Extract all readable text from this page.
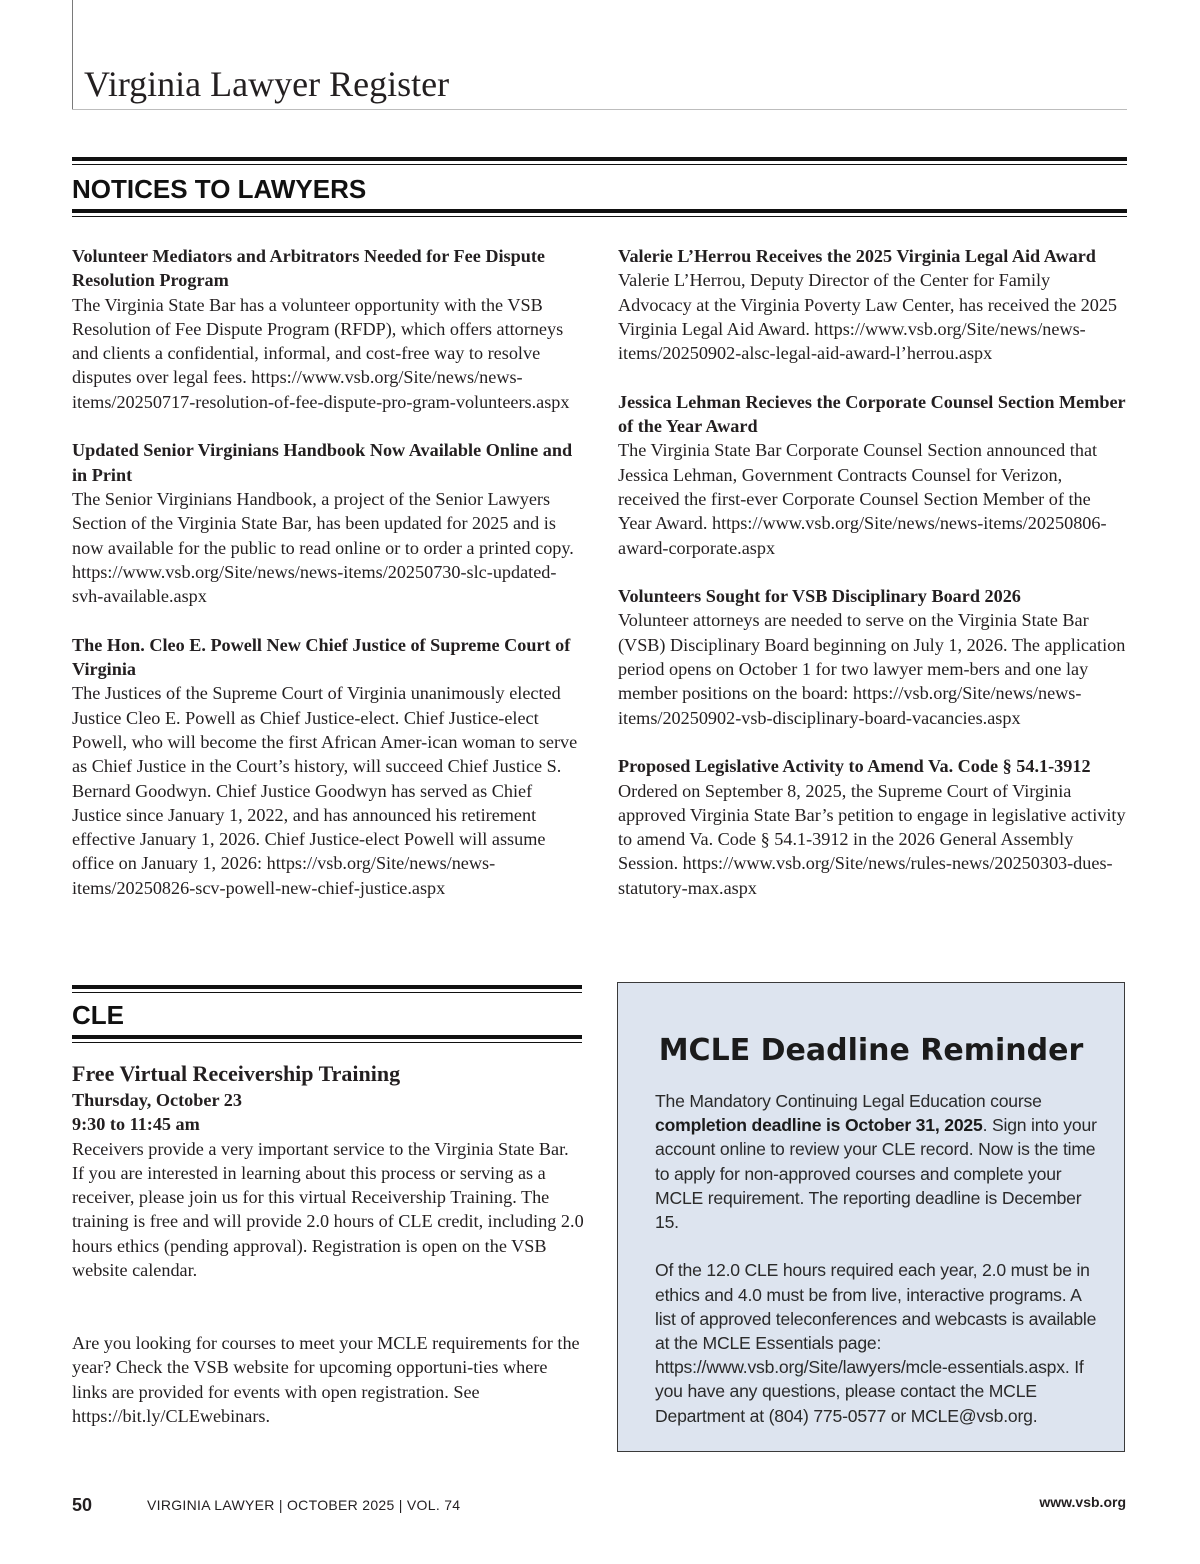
Virginia Lawyer Register
NOTICES TO LAWYERS
Volunteer Mediators and Arbitrators Needed for Fee Dispute Resolution Program
The Virginia State Bar has a volunteer opportunity with the VSB Resolution of Fee Dispute Program (RFDP), which offers attorneys and clients a confidential, informal, and cost-free way to resolve disputes over legal fees. https://www.vsb.org/Site/news/news-items/20250717-resolution-of-fee-dispute-pro-gram-volunteers.aspx
Updated Senior Virginians Handbook Now Available Online and in Print
The Senior Virginians Handbook, a project of the Senior Lawyers Section of the Virginia State Bar, has been updated for 2025 and is now available for the public to read online or to order a printed copy. https://www.vsb.org/Site/news/news-items/20250730-slc-updated-svh-available.aspx
The Hon. Cleo E. Powell New Chief Justice of Supreme Court of Virginia
The Justices of the Supreme Court of Virginia unanimously elected Justice Cleo E. Powell as Chief Justice-elect. Chief Justice-elect Powell, who will become the first African Amer-ican woman to serve as Chief Justice in the Court’s history, will succeed Chief Justice S. Bernard Goodwyn. Chief Justice Goodwyn has served as Chief Justice since January 1, 2022, and has announced his retirement effective January 1, 2026. Chief Justice-elect Powell will assume office on January 1, 2026: https://vsb.org/Site/news/news-items/20250826-scv-powell-new-chief-justice.aspx
Valerie L’Herrou Receives the 2025 Virginia Legal Aid Award
Valerie L’Herrou, Deputy Director of the Center for Family Advocacy at the Virginia Poverty Law Center, has received the 2025 Virginia Legal Aid Award. https://www.vsb.org/Site/news/news-items/20250902-alsc-legal-aid-award-l’herrou.aspx
Jessica Lehman Recieves the Corporate Counsel Section Member of the Year Award
The Virginia State Bar Corporate Counsel Section announced that Jessica Lehman, Government Contracts Counsel for Verizon, received the first-ever Corporate Counsel Section Member of the Year Award. https://www.vsb.org/Site/news/news-items/20250806-award-corporate.aspx
Volunteers Sought for VSB Disciplinary Board 2026
Volunteer attorneys are needed to serve on the Virginia State Bar (VSB) Disciplinary Board beginning on July 1, 2026. The application period opens on October 1 for two lawyer mem-bers and one lay member positions on the board: https://vsb.org/Site/news/news-items/20250902-vsb-disciplinary-board-vacancies.aspx
Proposed Legislative Activity to Amend Va. Code § 54.1-3912
Ordered on September 8, 2025, the Supreme Court of Virginia approved Virginia State Bar’s petition to engage in legislative activity to amend Va. Code § 54.1-3912 in the 2026 General Assembly Session. https://www.vsb.org/Site/news/rules-news/20250303-dues-statutory-max.aspx
CLE
Free Virtual Receivership Training
Thursday, October 23
9:30 to 11:45 am
Receivers provide a very important service to the Virginia State Bar. If you are interested in learning about this process or serving as a receiver, please join us for this virtual Receivership Training. The training is free and will provide 2.0 hours of CLE credit, including 2.0 hours ethics (pending approval). Registration is open on the VSB website calendar.
Are you looking for courses to meet your MCLE requirements for the year? Check the VSB website for upcoming opportuni-ties where links are provided for events with open registration. See https://bit.ly/CLEwebinars.
MCLE Deadline Reminder

The Mandatory Continuing Legal Education course completion deadline is October 31, 2025. Sign into your account online to review your CLE record. Now is the time to apply for non-approved courses and complete your MCLE requirement. The reporting deadline is December 15.

Of the 12.0 CLE hours required each year, 2.0 must be in ethics and 4.0 must be from live, interactive programs. A list of approved teleconferences and webcasts is available at the MCLE Essentials page: https://www.vsb.org/Site/lawyers/mcle-essentials.aspx. If you have any questions, please contact the MCLE Department at (804) 775-0577 or MCLE@vsb.org.

50	VIRGINIA LAWYER | OCTOBER 2025 | VOL. 74	www.vsb.org
